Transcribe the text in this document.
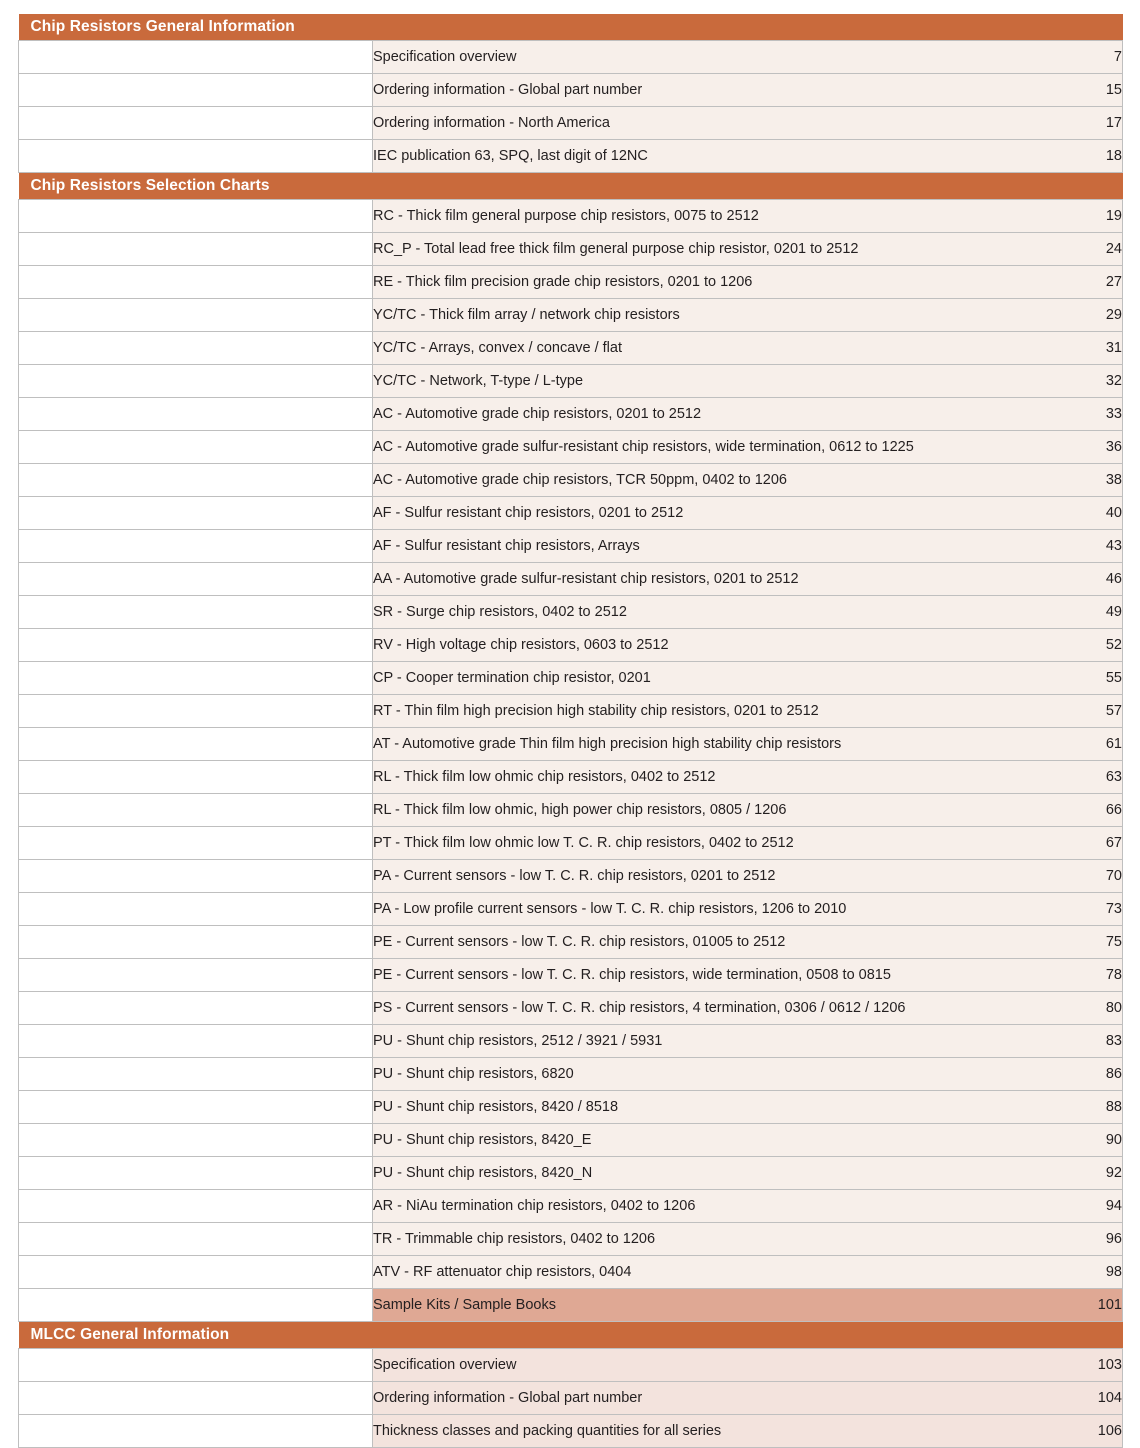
Chip Resistors General Information		
	Specification overview	7
	Ordering information - Global part number	15
	Ordering information - North America	17
	IEC publication 63, SPQ, last digit of 12NC	18
Chip Resistors Selection Charts		
	RC - Thick film general purpose chip resistors, 0075 to 2512	19
	RC_P - Total lead free thick film general purpose chip resistor, 0201 to 2512	24
	RE - Thick film precision grade chip resistors, 0201 to 1206	27
	YC/TC - Thick film array / network chip resistors	29
	YC/TC - Arrays, convex / concave / flat	31
	YC/TC - Network, T-type / L-type	32
	AC - Automotive grade chip resistors, 0201 to 2512	33
	AC - Automotive grade sulfur-resistant chip resistors, wide termination, 0612 to 1225	36
	AC - Automotive grade chip resistors, TCR 50ppm, 0402 to 1206	38
	AF - Sulfur resistant chip resistors, 0201 to 2512	40
	AF - Sulfur resistant chip resistors, Arrays	43
	AA - Automotive grade sulfur-resistant chip resistors, 0201 to 2512	46
	SR - Surge chip resistors, 0402 to 2512	49
	RV - High voltage chip resistors, 0603 to 2512	52
	CP - Cooper termination chip resistor, 0201	55
	RT - Thin film high precision high stability chip resistors, 0201 to 2512	57
	AT - Automotive grade Thin film high precision high stability chip resistors	61
	RL - Thick film low ohmic chip resistors, 0402 to 2512	63
	RL - Thick film low ohmic, high power chip resistors, 0805 / 1206	66
	PT - Thick film low ohmic low T. C. R. chip resistors, 0402 to 2512	67
	PA - Current sensors - low T. C. R. chip resistors, 0201 to 2512	70
	PA - Low profile current sensors - low T. C. R. chip resistors, 1206 to 2010	73
	PE - Current sensors - low T. C. R. chip resistors, 01005 to 2512	75
	PE - Current sensors - low T. C. R. chip resistors, wide termination, 0508 to 0815	78
	PS - Current sensors - low T. C. R. chip resistors, 4 termination, 0306 / 0612 / 1206	80
	PU - Shunt chip resistors, 2512 / 3921 / 5931	83
	PU - Shunt chip resistors, 6820	86
	PU - Shunt chip resistors, 8420 / 8518	88
	PU - Shunt chip resistors, 8420_E	90
	PU - Shunt chip resistors, 8420_N	92
	AR - NiAu termination chip resistors, 0402 to 1206	94
	TR - Trimmable chip resistors, 0402 to 1206	96
	ATV - RF attenuator chip resistors, 0404	98
	Sample Kits / Sample Books	101
MLCC General Information		
	Specification overview	103
	Ordering information - Global part number	104
	Thickness classes and packing quantities for all series	106
